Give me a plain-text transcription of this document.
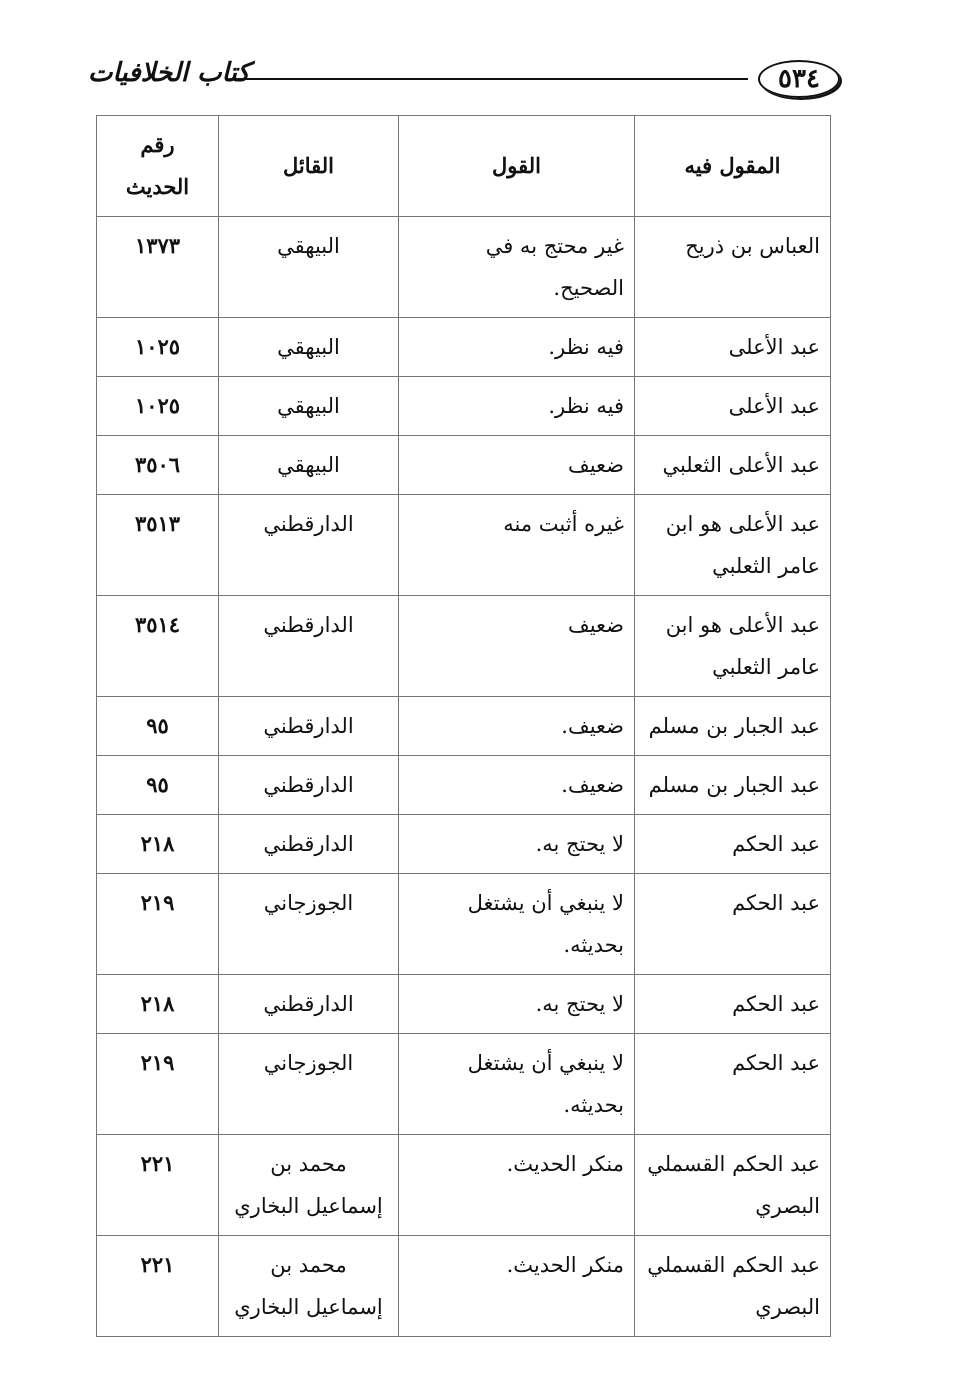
٥٣٤
كتاب الخلافيات
المقول فيه	القول	القائل	رقم الحديث
العباس بن ذريح	غير محتج به في الصحيح.	البيهقي	١٣٧٣
عبد الأعلى	فيه نظر.	البيهقي	١٠٢٥
عبد الأعلى	فيه نظر.	البيهقي	١٠٢٥
عبد الأعلى الثعلبي	ضعيف	البيهقي	٣٥٠٦
عبد الأعلى هو ابن عامر الثعلبي	غيره أثبت منه	الدارقطني	٣٥١٣
عبد الأعلى هو ابن عامر الثعلبي	ضعيف	الدارقطني	٣٥١٤
عبد الجبار بن مسلم	ضعيف.	الدارقطني	٩٥
عبد الجبار بن مسلم	ضعيف.	الدارقطني	٩٥
عبد الحكم	لا يحتج به.	الدارقطني	٢١٨
عبد الحكم	لا ينبغي أن يشتغل بحديثه.	الجوزجاني	٢١٩
عبد الحكم	لا يحتج به.	الدارقطني	٢١٨
عبد الحكم	لا ينبغي أن يشتغل بحديثه.	الجوزجاني	٢١٩
عبد الحكم القسملي البصري	منكر الحديث.	محمد بن إسماعيل البخاري	٢٢١
عبد الحكم القسملي البصري	منكر الحديث.	محمد بن إسماعيل البخاري	٢٢١
